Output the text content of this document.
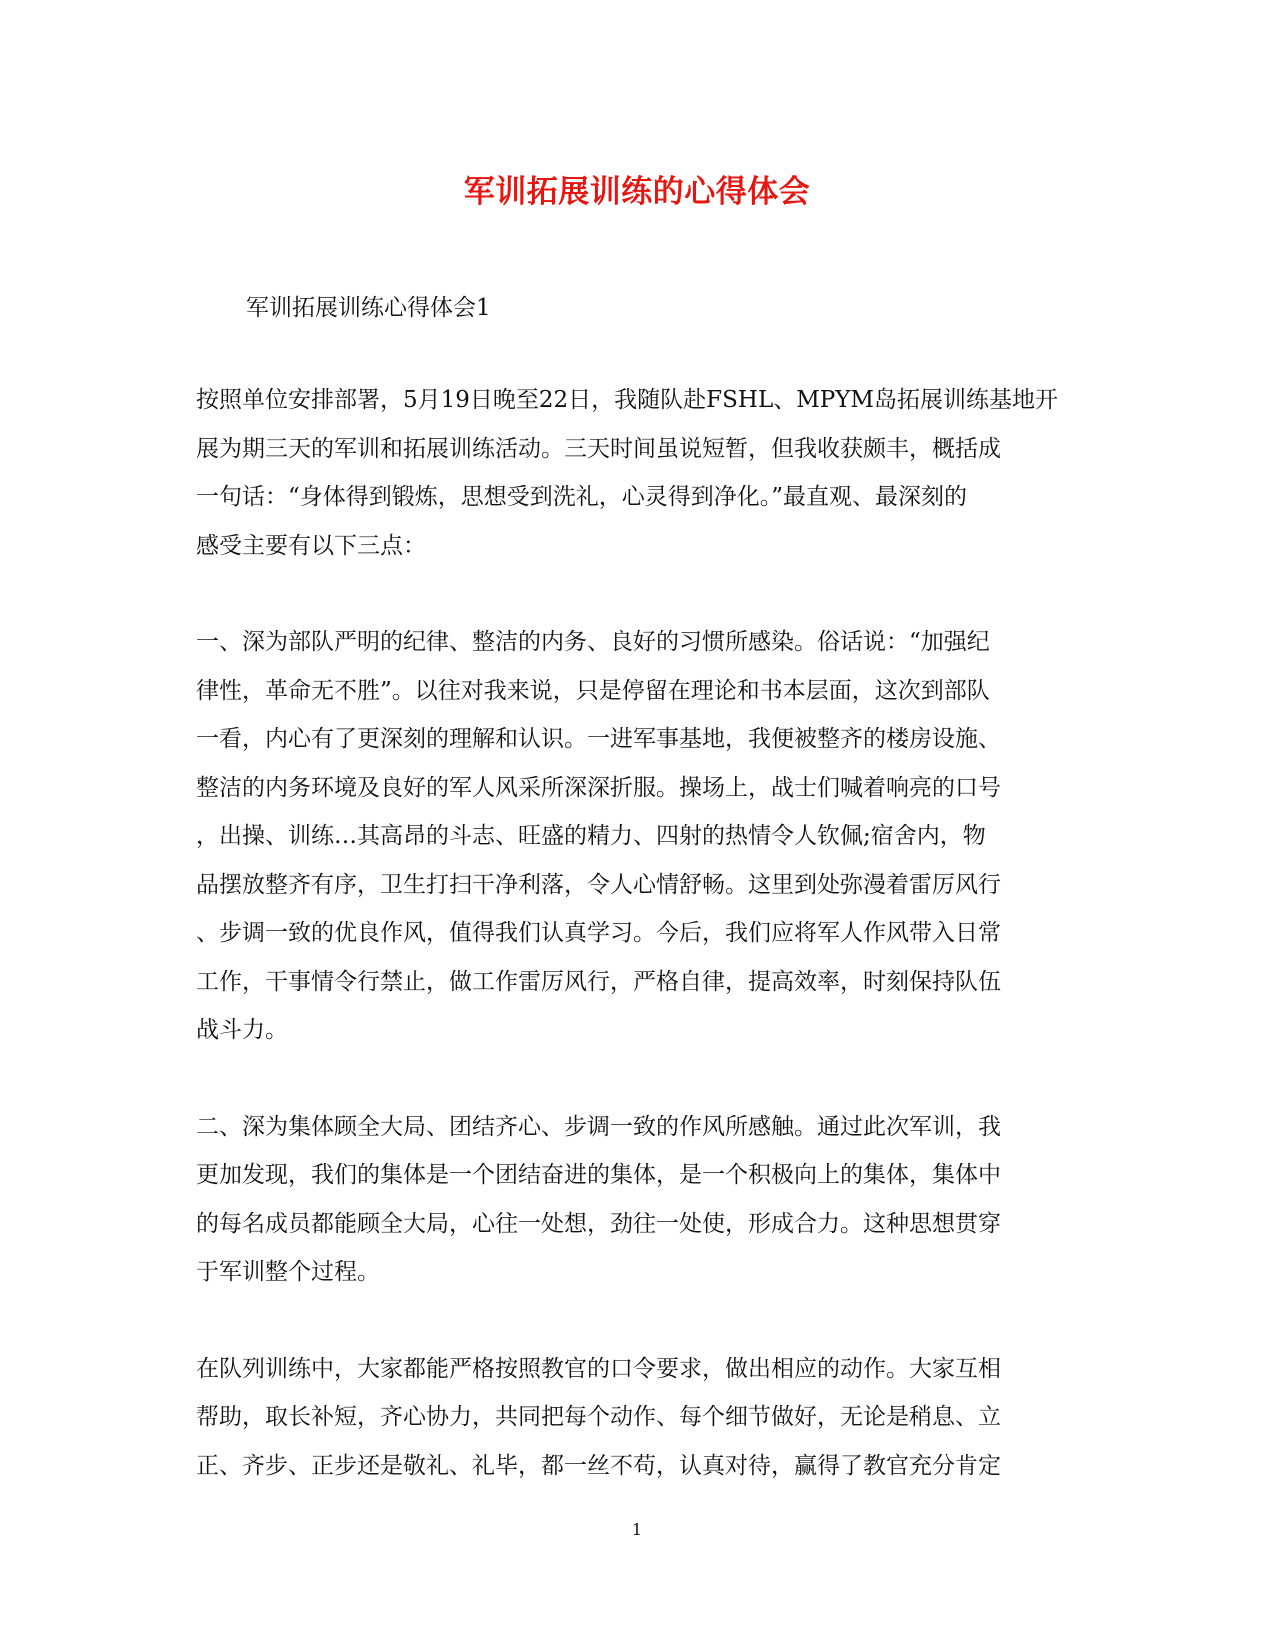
军训拓展训练的心得体会
军训拓展训练心得体会1
按照单位安排部署，5月19日晚至22日，我随队赴FSHL、MPYM岛拓展训练基地开
展为期三天的军训和拓展训练活动。三天时间虽说短暂，但我收获颇丰，概括成
一句话：“身体得到锻炼，思想受到洗礼，心灵得到净化。”最直观、最深刻的
感受主要有以下三点：
一、深为部队严明的纪律、整洁的内务、良好的习惯所感染。俗话说：“加强纪
律性，革命无不胜”。以往对我来说，只是停留在理论和书本层面，这次到部队
一看，内心有了更深刻的理解和认识。一进军事基地，我便被整齐的楼房设施、
整洁的内务环境及良好的军人风采所深深折服。操场上，战士们喊着响亮的口号
，出操、训练…其高昂的斗志、旺盛的精力、四射的热情令人钦佩;宿舍内，物
品摆放整齐有序，卫生打扫干净利落，令人心情舒畅。这里到处弥漫着雷厉风行
、步调一致的优良作风，值得我们认真学习。今后，我们应将军人作风带入日常
工作，干事情令行禁止，做工作雷厉风行，严格自律，提高效率，时刻保持队伍
战斗力。
二、深为集体顾全大局、团结齐心、步调一致的作风所感触。通过此次军训，我
更加发现，我们的集体是一个团结奋进的集体，是一个积极向上的集体，集体中
的每名成员都能顾全大局，心往一处想，劲往一处使，形成合力。这种思想贯穿
于军训整个过程。
在队列训练中，大家都能严格按照教官的口令要求，做出相应的动作。大家互相
帮助，取长补短，齐心协力，共同把每个动作、每个细节做好，无论是稍息、立
正、齐步、正步还是敬礼、礼毕，都一丝不苟，认真对待，赢得了教官充分肯定
1
